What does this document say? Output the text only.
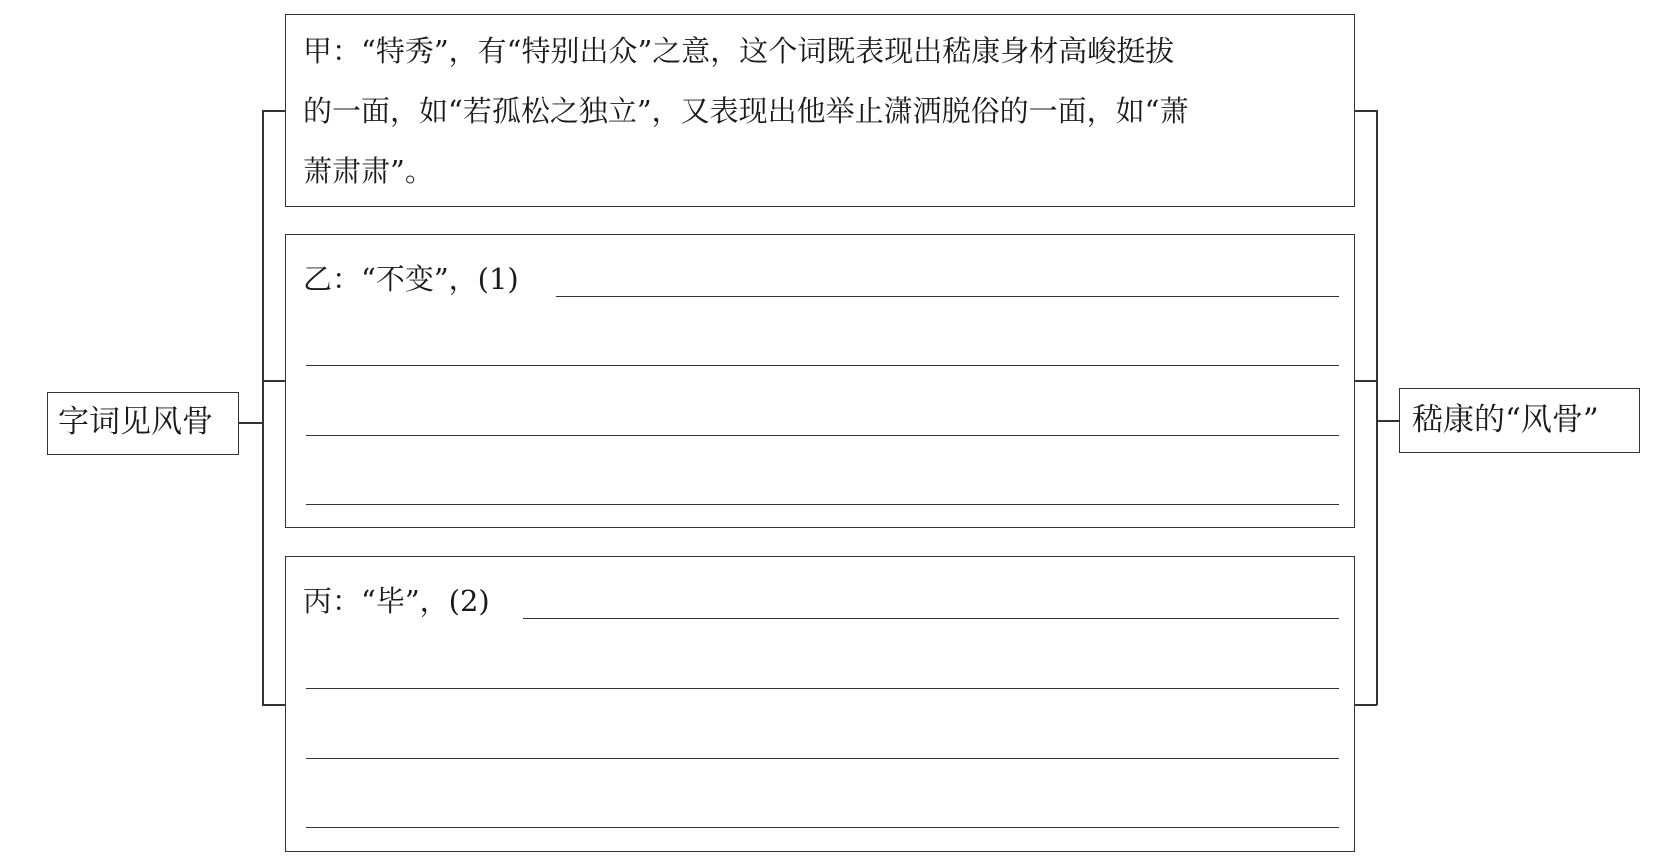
字词见风骨
甲：“特秀”，有“特别出众”之意，这个词既表现出嵇康身材高峻挺拔
的一面，如“若孤松之独立”，又表现出他举止潇洒脱俗的一面，如“萧
萧肃肃”。
乙：“不变”，(1)
丙：“毕”，(2)
嵇康的“风骨”
